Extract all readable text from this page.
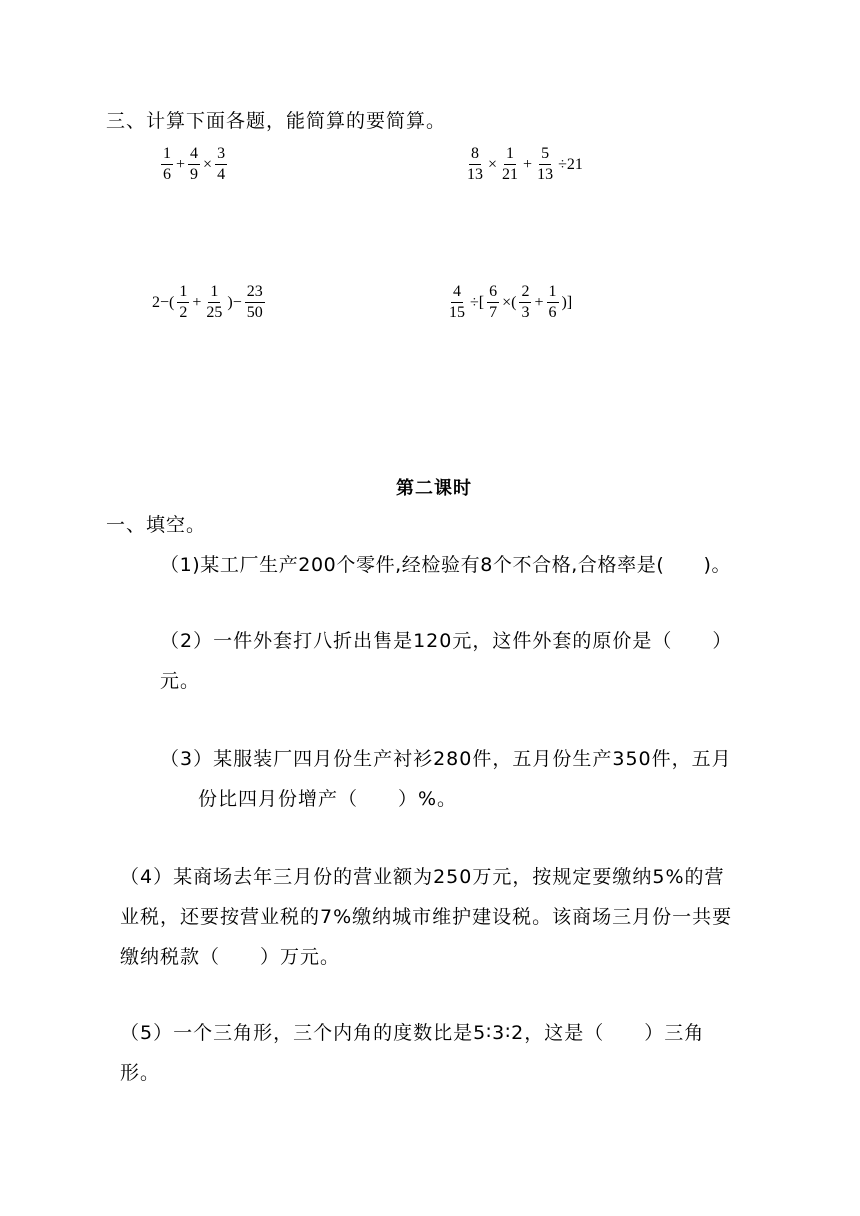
三、计算下面各题，能简算的要简算。
$\frac{1}{6} + \frac{4}{9} \times \frac{3}{4}$	$\frac{8}{13} \times \frac{1}{21} + \frac{5}{13} \div 21$
$2-( \frac{1}{2} + \frac{1}{25}$ )− $\frac{23}{50}$	$\frac{4}{15}$ ÷[ $\frac{6}{7}$ ×( $\frac{2}{3} + \frac{1}{6}$ )]
第二课时
一、填空。
（1)某工厂生产200个零件,经检验有8个不合格,合格率是(　　)。
（2）一件外套打八折出售是120元，这件外套的原价是（　　）
元。
（3）某服装厂四月份生产衬衫280件，五月份生产350件，五月
份比四月份增产（　　）%。
（4）某商场去年三月份的营业额为250万元，按规定要缴纳5%的营
业税，还要按营业税的7%缴纳城市维护建设税。该商场三月份一共要
缴纳税款（　　）万元。
（5）一个三角形，三个内角的度数比是5∶3∶2，这是（　　）三角
形。
